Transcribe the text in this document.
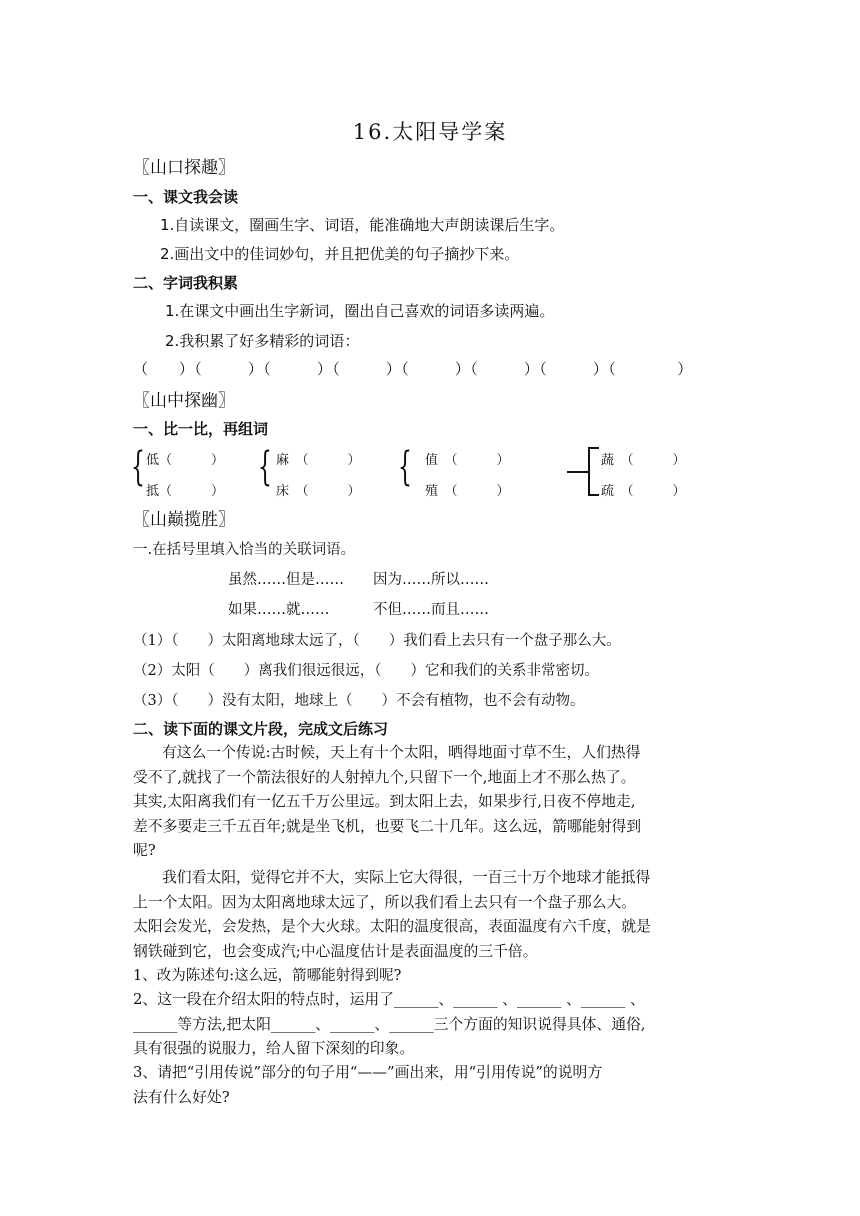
16.太阳导学案
〖山口探趣〗
一、课文我会读
1.自读课文，圈画生字、词语，能准确地大声朗读课后生字。
2.画出文中的佳词妙句，并且把优美的句子摘抄下来。
二、字词我积累
1.在课文中画出生字新词，圈出自己喜欢的词语多读两遍。
2.我积累了好多精彩的词语：
（　　）（　　　）（　　　）（　　　）（　　　）（　　　）（　　　）（　　　　）
〖山中探幽〗
一、比一比，再组词
{ 低（　　　）
抵（　　　）
{ 麻　（　　　）
床　（　　　）
{ 值　（　　　）
殖　（　　　）
蔬　（　　　）
疏　（　　　）
〖山巅揽胜〗
一.在括号里填入恰当的关联词语。
虽然……但是……　　因为……所以……
如果……就……　　　不但……而且……
（1）（　　）太阳离地球太远了，（　　）我们看上去只有一个盘子那么大。
（2）太阳（　　）离我们很远很远，（　　）它和我们的关系非常密切。
（3）（　　）没有太阳，地球上（　　）不会有植物，也不会有动物。
二、读下面的课文片段，完成文后练习
有这么一个传说:古时候，天上有十个太阳，晒得地面寸草不生，人们热得
受不了,就找了一个箭法很好的人射掉九个,只留下一个,地面上才不那么热了。
其实,太阳离我们有一亿五千万公里远。到太阳上去，如果步行,日夜不停地走,
差不多要走三千五百年;就是坐飞机，也要飞二十几年。这么远，箭哪能射得到
呢?
我们看太阳，觉得它并不大，实际上它大得很，一百三十万个地球才能抵得
上一个太阳。因为太阳离地球太远了，所以我们看上去只有一个盘子那么大。
太阳会发光，会发热，是个大火球。太阳的温度很高，表面温度有六千度，就是
钢铁碰到它，也会变成汽;中心温度估计是表面温度的三千倍。
1、改为陈述句:这么远，箭哪能射得到呢?
2、这一段在介绍太阳的特点时，运用了______、______ 、______ 、______ 、
______等方法,把太阳______、______、______三个方面的知识说得具体、通俗,
具有很强的说服力，给人留下深刻的印象。
3、请把“引用传说”部分的句子用“——”画出来，用“引用传说”的说明方
法有什么好处?
